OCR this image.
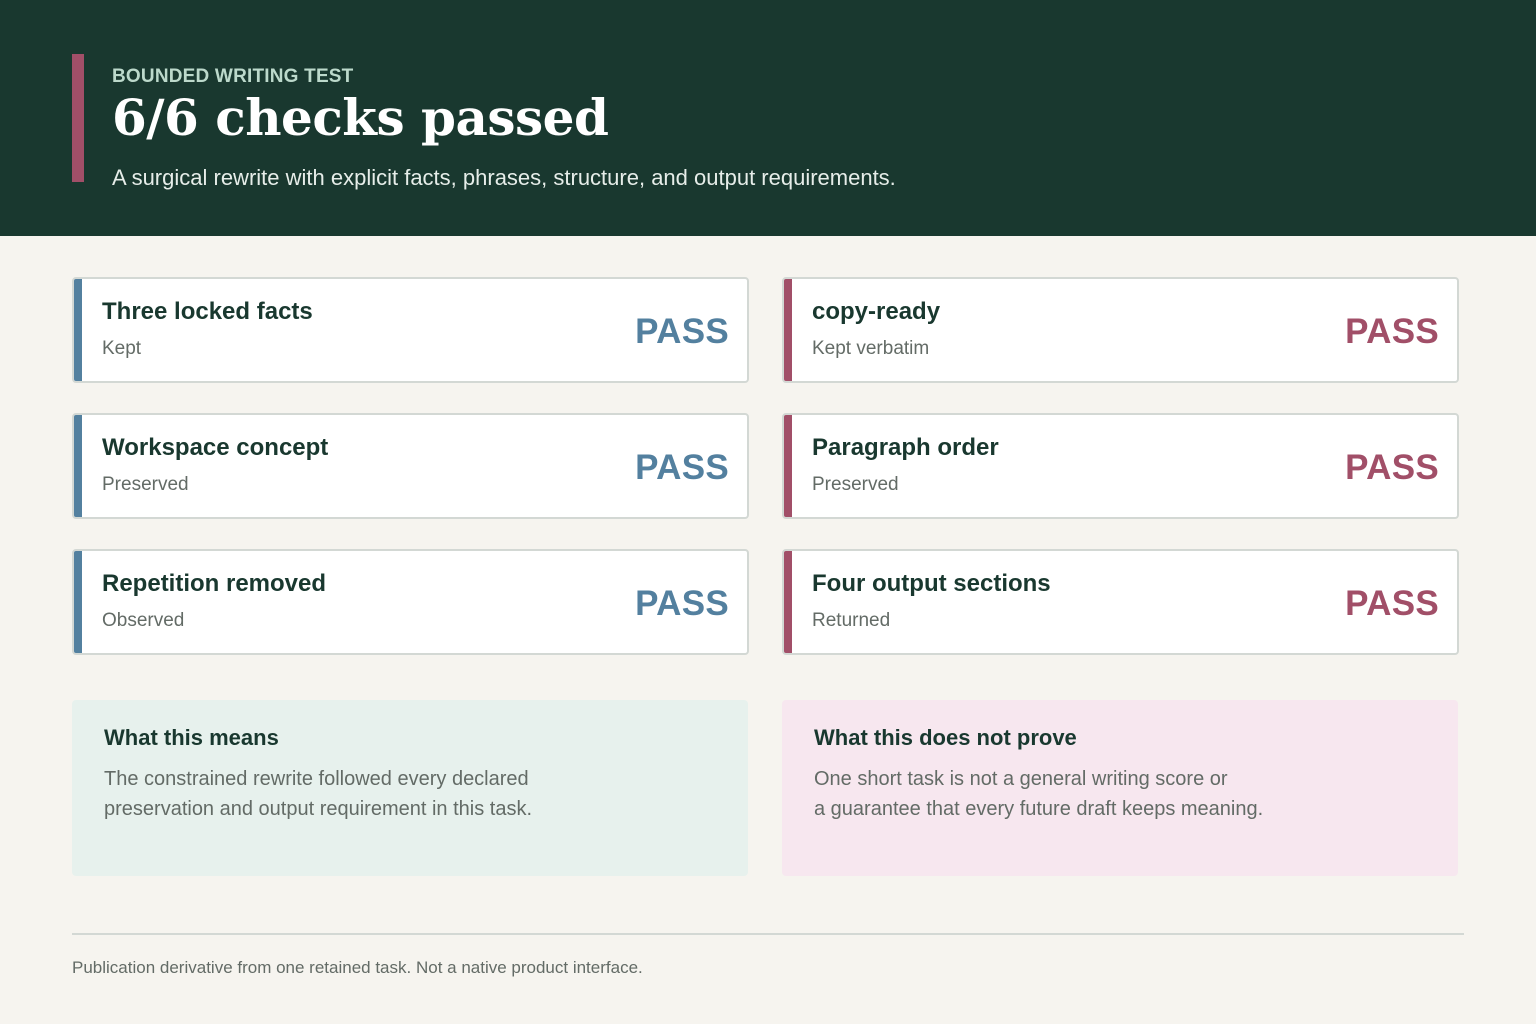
BOUNDED WRITING TEST
6/6 checks passed
A surgical rewrite with explicit facts, phrases, structure, and output requirements.
Three locked facts
Kept	PASS
Workspace concept
Preserved	PASS
Repetition removed
Observed	PASS
copy-ready
Kept verbatim	PASS
Paragraph order
Preserved	PASS
Four output sections
Returned	PASS
What this means
The constrained rewrite followed every declared
preservation and output requirement in this task.
What this does not prove
One short task is not a general writing score or
a guarantee that every future draft keeps meaning.
Publication derivative from one retained task. Not a native product interface.
